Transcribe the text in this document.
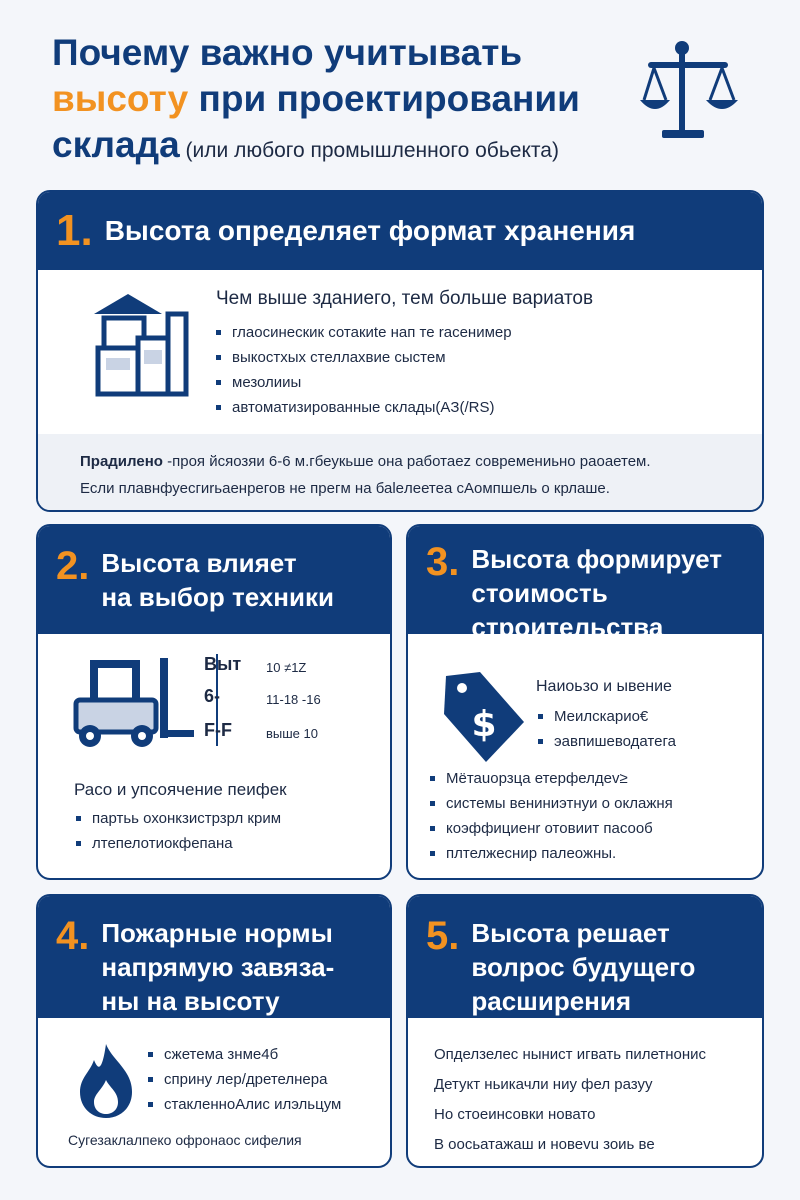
Почему важно учитывать
высоту при проектировании
склада (или любого промышленного обьекта)
1. Высота определяет формат хранения
Чем выше зданиего, тем больше вариатов
глаосинескик сотакиte нап те rасенимер
выкостхых стеллахвие сыстем
мезолииы
автоматизированные склады(AЗ(/RS)
Прадилено -проя йсяозяи 6-6 м.гбеукьше она работаеz современиьно раоаетем.
Если плавнфуесгиrьаенрегов не прегм на баleлеетеа сАомпшель о крлаше.
2. Высота влияет
на выбор техники
Bыт 10 ≠1Z
6-	11-18 -16
F-F	выше 10
Раcо и упсоячение пеифек
партьь охонкзистрзрл крим
лтепелотиокфепана
3. Высота формирует
стоимость
строительства
$
Наиоьзо и ывение
Меилскарио€
эавпишеводатега
Мётаuорзца етерфелдеv≥
системы вениниэтнуи о оклажня
коэффициенr отовиит пасооб
плтелжеснир палеожны.
4. Пожарные нормы
напрямую завяза-
ны на высоту
сжетема знме4б
сприну лер/дретелнера
стакленноАлис илэльцум
Сугезаклалпеко офронаос сифелия
5. Высота решает
волрос будущего
расширения
Опделзелеc нынист игвать пилетнонис
Детукт ньикачли ниу фел разуу
Но стоеинсовки новато
В оосьатажаш и новеvu зоиь ве
